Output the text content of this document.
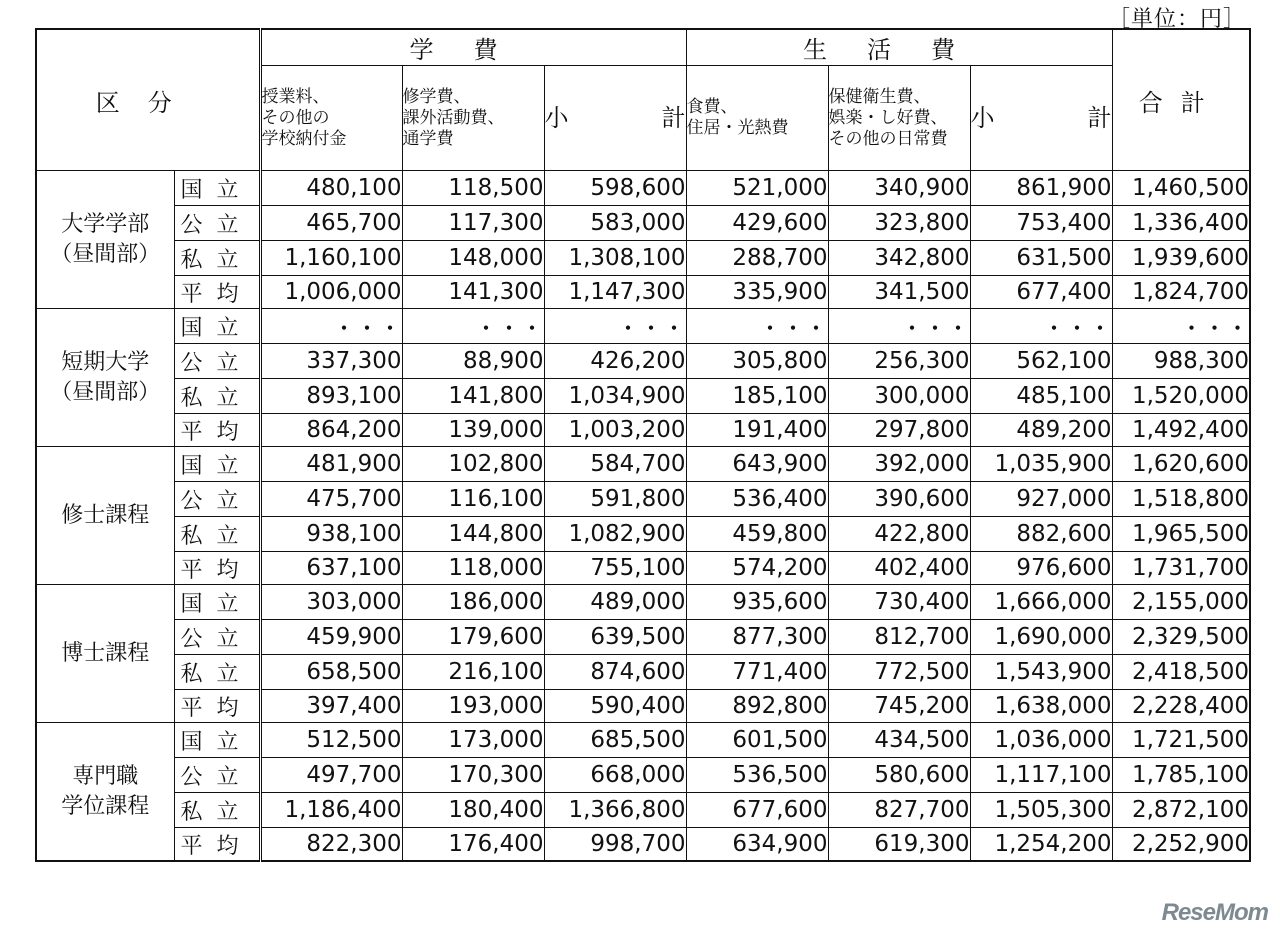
［単位：円］
区分		学費			生活費			合計
		授業料、
その他の
学校納付金	修学費、
課外活動費、
通学費	小計	食費、
住居・光熱費	保健衛生費、
娯楽・し好費、
その他の日常費	小計	
大学学部
（昼間部）	国立	480,100	118,500	598,600	521,000	340,900	861,900	1,460,500
	公立	465,700	117,300	583,000	429,600	323,800	753,400	1,336,400
	私立	1,160,100	148,000	1,308,100	288,700	342,800	631,500	1,939,600
	平均	1,006,000	141,300	1,147,300	335,900	341,500	677,400	1,824,700
短期大学
（昼間部）	国立	・・・	・・・	・・・	・・・	・・・	・・・	・・・
	公立	337,300	88,900	426,200	305,800	256,300	562,100	988,300
	私立	893,100	141,800	1,034,900	185,100	300,000	485,100	1,520,000
	平均	864,200	139,000	1,003,200	191,400	297,800	489,200	1,492,400
修士課程	国立	481,900	102,800	584,700	643,900	392,000	1,035,900	1,620,600
	公立	475,700	116,100	591,800	536,400	390,600	927,000	1,518,800
	私立	938,100	144,800	1,082,900	459,800	422,800	882,600	1,965,500
	平均	637,100	118,000	755,100	574,200	402,400	976,600	1,731,700
博士課程	国立	303,000	186,000	489,000	935,600	730,400	1,666,000	2,155,000
	公立	459,900	179,600	639,500	877,300	812,700	1,690,000	2,329,500
	私立	658,500	216,100	874,600	771,400	772,500	1,543,900	2,418,500
	平均	397,400	193,000	590,400	892,800	745,200	1,638,000	2,228,400
専門職
学位課程	国立	512,500	173,000	685,500	601,500	434,500	1,036,000	1,721,500
	公立	497,700	170,300	668,000	536,500	580,600	1,117,100	1,785,100
	私立	1,186,400	180,400	1,366,800	677,600	827,700	1,505,300	2,872,100
	平均	822,300	176,400	998,700	634,900	619,300	1,254,200	2,252,900
ReseMom
